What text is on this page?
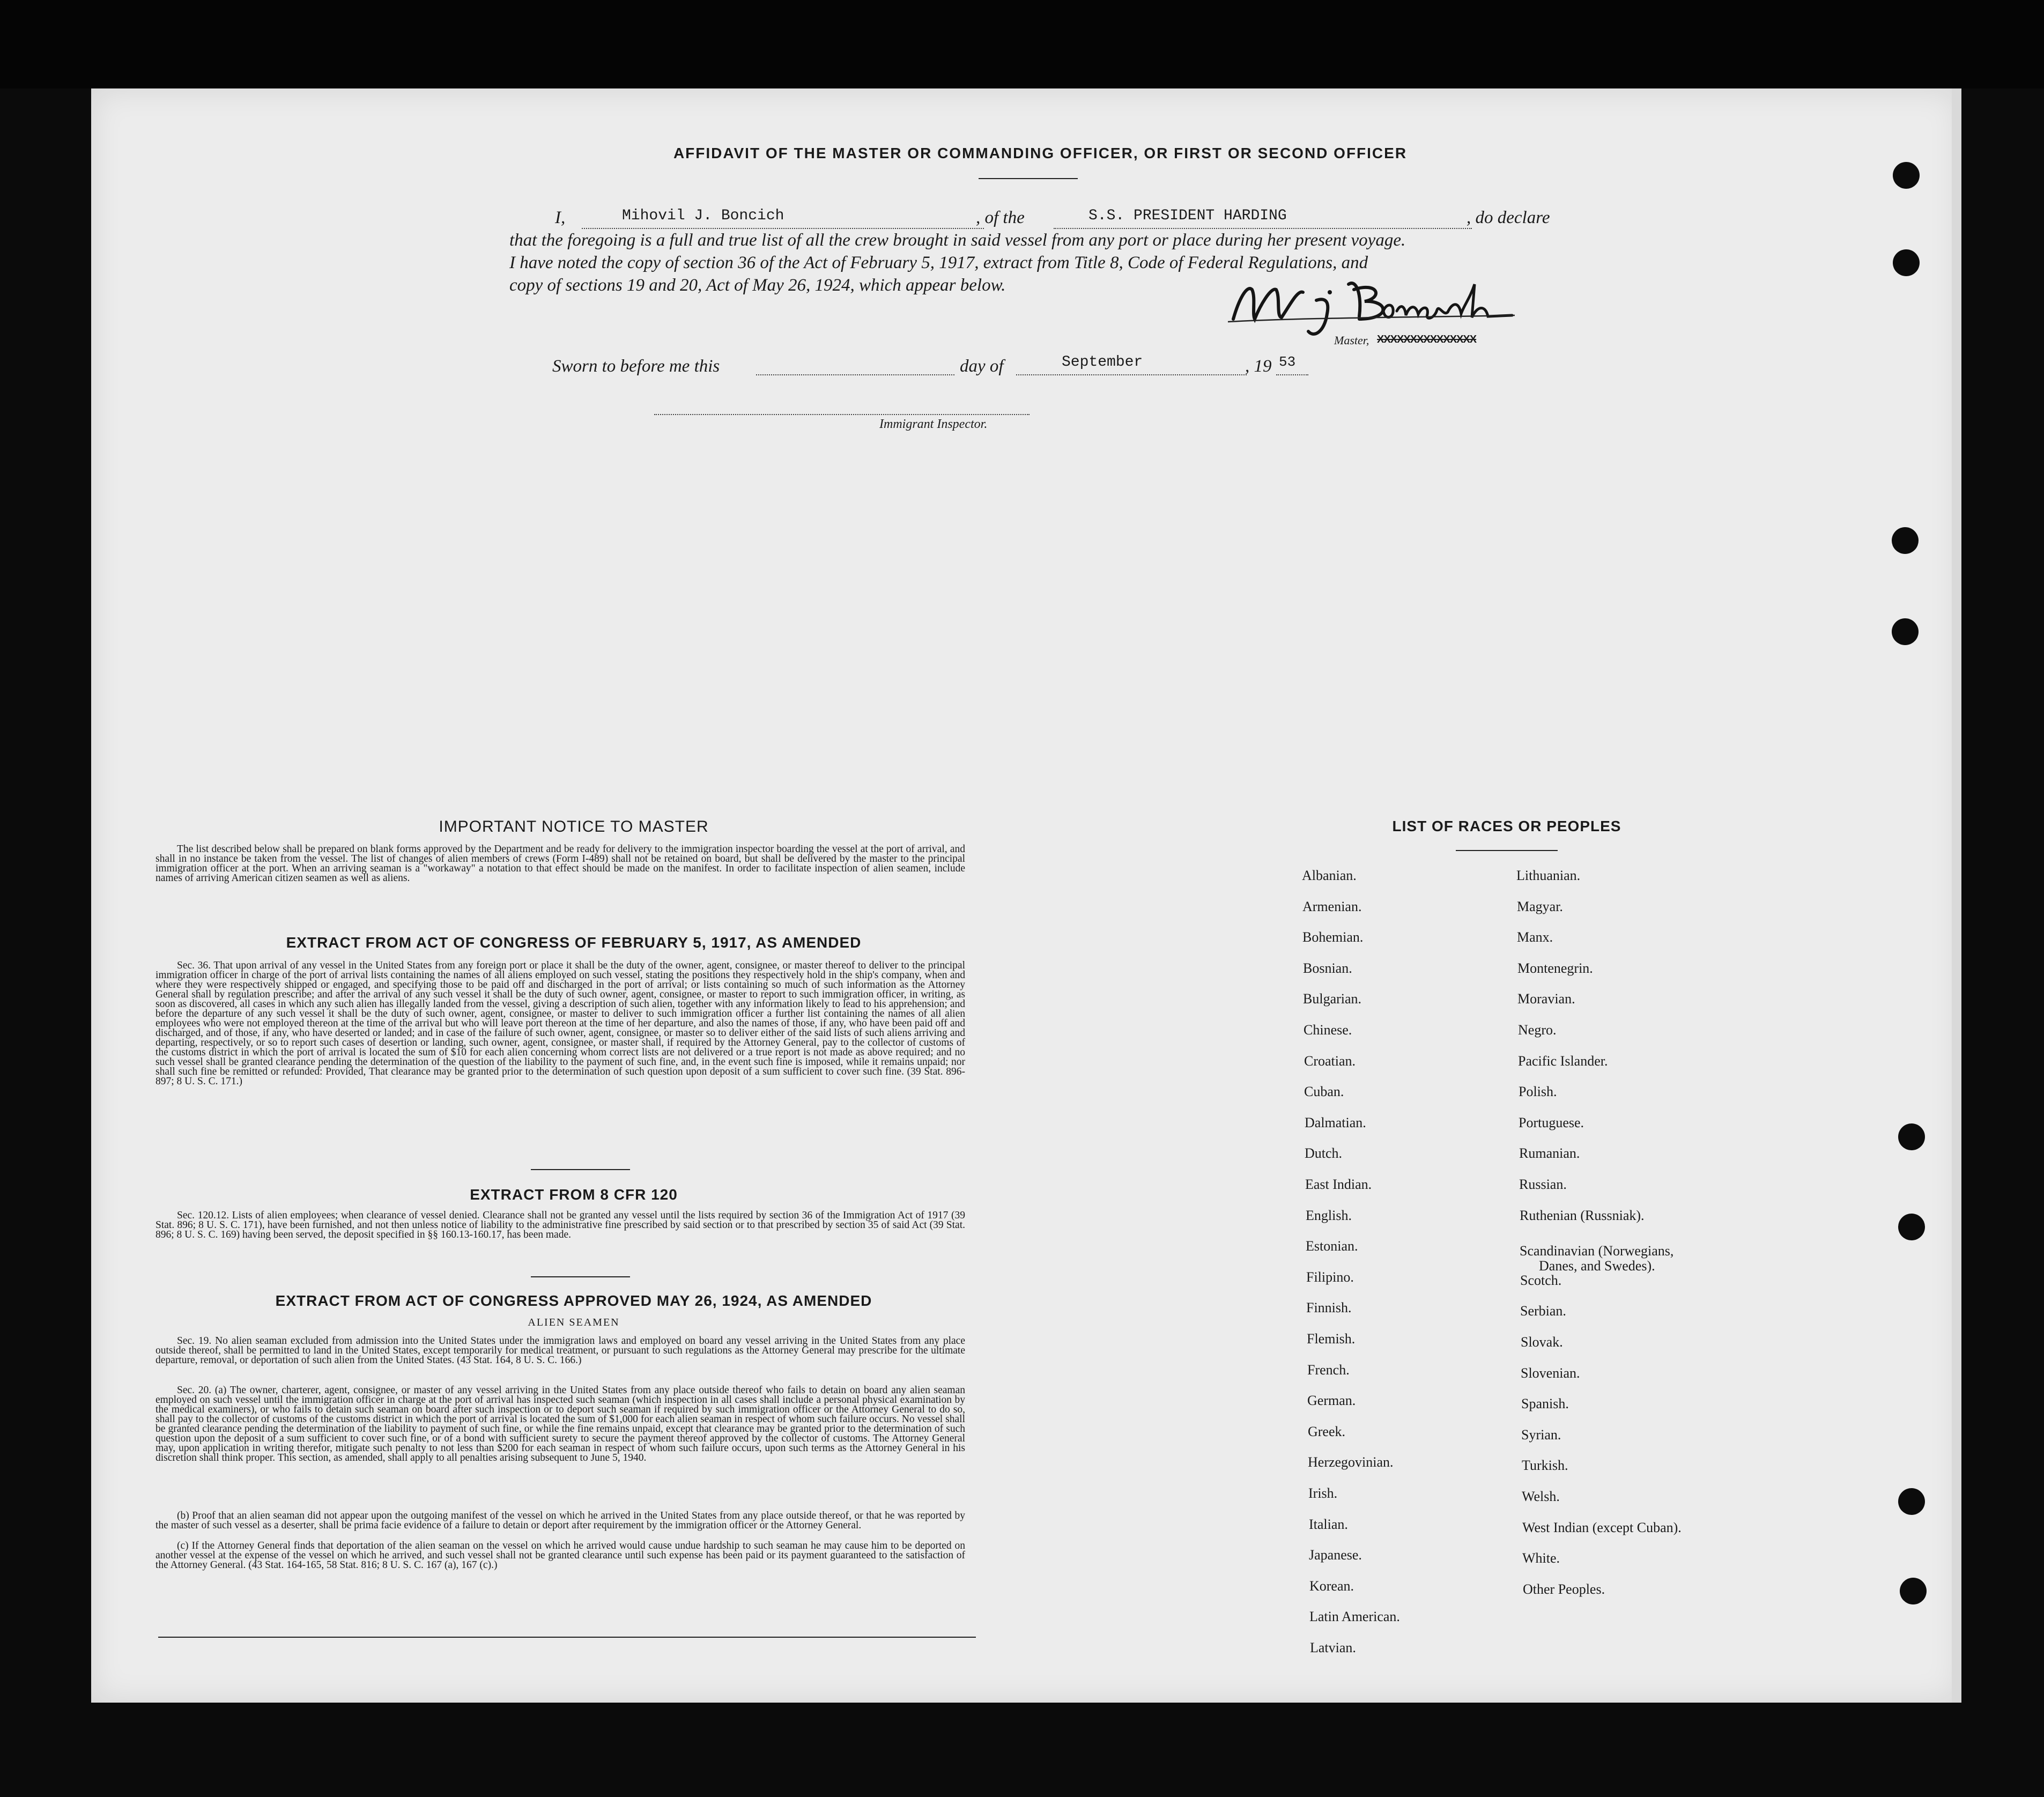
AFFIDAVIT OF THE MASTER OR COMMANDING OFFICER, OR FIRST OR SECOND OFFICER
I,	Mihovil J. Boncich	, of the	S.S. PRESIDENT HARDING	, do declare
that the foregoing is a full and true list of all the crew brought in said vessel from any port or place during her present voyage.
I have noted the copy of section 36 of the Act of February 5, 1917, extract from Title 8, Code of Federal Regulations, and
copy of sections 19 and 20, Act of May 26, 1924, which appear below.
Master, XXXXXXXXXXXXXXX
Sworn to before me this	day of	September	, 19 53
Immigrant Inspector.
IMPORTANT NOTICE TO MASTER
The list described below shall be prepared on blank forms approved by the Department and be ready for delivery to the immigration inspector boarding the vessel at the port of arrival, and shall in no instance be taken from the vessel. The list of changes of alien members of crews (Form I-489) shall not be retained on board, but shall be delivered by the master to the principal immigration officer at the port. When an arriving seaman is a "workaway" a notation to that effect should be made on the manifest. In order to facilitate inspection of alien seamen, include names of arriving American citizen seamen as well as aliens.
EXTRACT FROM ACT OF CONGRESS OF FEBRUARY 5, 1917, AS AMENDED
Sec. 36. That upon arrival of any vessel in the United States from any foreign port or place it shall be the duty of the owner, agent, consignee, or master thereof to deliver to the principal immigration officer in charge of the port of arrival lists containing the names of all aliens employed on such vessel, stating the positions they respectively hold in the ship's company, when and where they were respectively shipped or engaged, and specifying those to be paid off and discharged in the port of arrival; or lists containing so much of such information as the Attorney General shall by regulation prescribe; and after the arrival of any such vessel it shall be the duty of such owner, agent, consignee, or master to report to such immigration officer, in writing, as soon as discovered, all cases in which any such alien has illegally landed from the vessel, giving a description of such alien, together with any information likely to lead to his apprehension; and before the departure of any such vessel it shall be the duty of such owner, agent, consignee, or master to deliver to such immigration officer a further list containing the names of all alien employees who were not employed thereon at the time of the arrival but who will leave port thereon at the time of her departure, and also the names of those, if any, who have been paid off and discharged, and of those, if any, who have deserted or landed; and in case of the failure of such owner, agent, consignee, or master so to deliver either of the said lists of such aliens arriving and departing, respectively, or so to report such cases of desertion or landing, such owner, agent, consignee, or master shall, if required by the Attorney General, pay to the collector of customs of the customs district in which the port of arrival is located the sum of $10 for each alien concerning whom correct lists are not delivered or a true report is not made as above required; and no such vessel shall be granted clearance pending the determination of the question of the liability to the payment of such fine, and, in the event such fine is imposed, while it remains unpaid; nor shall such fine be remitted or refunded: Provided, That clearance may be granted prior to the determination of such question upon deposit of a sum sufficient to cover such fine. (39 Stat. 896-897; 8 U. S. C. 171.)
EXTRACT FROM 8 CFR 120
Sec. 120.12. Lists of alien employees; when clearance of vessel denied. Clearance shall not be granted any vessel until the lists required by section 36 of the Immigration Act of 1917 (39 Stat. 896; 8 U. S. C. 171), have been furnished, and not then unless notice of liability to the administrative fine prescribed by said section or to that prescribed by section 35 of said Act (39 Stat. 896; 8 U. S. C. 169) having been served, the deposit specified in §§ 160.13-160.17, has been made.
EXTRACT FROM ACT OF CONGRESS APPROVED MAY 26, 1924, AS AMENDED
ALIEN SEAMEN
Sec. 19. No alien seaman excluded from admission into the United States under the immigration laws and employed on board any vessel arriving in the United States from any place outside thereof, shall be permitted to land in the United States, except temporarily for medical treatment, or pursuant to such regulations as the Attorney General may prescribe for the ultimate departure, removal, or deportation of such alien from the United States. (43 Stat. 164, 8 U. S. C. 166.)
Sec. 20. (a) The owner, charterer, agent, consignee, or master of any vessel arriving in the United States from any place outside thereof who fails to detain on board any alien seaman employed on such vessel until the immigration officer in charge at the port of arrival has inspected such seaman (which inspection in all cases shall include a personal physical examination by the medical examiners), or who fails to detain such seaman on board after such inspection or to deport such seaman if required by such immigration officer or the Attorney General to do so, shall pay to the collector of customs of the customs district in which the port of arrival is located the sum of $1,000 for each alien seaman in respect of whom such failure occurs. No vessel shall be granted clearance pending the determination of the liability to payment of such fine, or while the fine remains unpaid, except that clearance may be granted prior to the determination of such question upon the deposit of a sum sufficient to cover such fine, or of a bond with sufficient surety to secure the payment thereof approved by the collector of customs. The Attorney General may, upon application in writing therefor, mitigate such penalty to not less than $200 for each seaman in respect of whom such failure occurs, upon such terms as the Attorney General in his discretion shall think proper. This section, as amended, shall apply to all penalties arising subsequent to June 5, 1940.
(b) Proof that an alien seaman did not appear upon the outgoing manifest of the vessel on which he arrived in the United States from any place outside thereof, or that he was reported by the master of such vessel as a deserter, shall be prima facie evidence of a failure to detain or deport after requirement by the immigration officer or the Attorney General.
(c) If the Attorney General finds that deportation of the alien seaman on the vessel on which he arrived would cause undue hardship to such seaman he may cause him to be deported on another vessel at the expense of the vessel on which he arrived, and such vessel shall not be granted clearance until such expense has been paid or its payment guaranteed to the satisfaction of the Attorney General. (43 Stat. 164-165, 58 Stat. 816; 8 U. S. C. 167 (a), 167 (c).)
LIST OF RACES OR PEOPLES
Albanian.
Armenian.
Bohemian.
Bosnian.
Bulgarian.
Chinese.
Croatian.
Cuban.
Dalmatian.
Dutch.
East Indian.
English.
Estonian.
Filipino.
Finnish.
Flemish.
French.
German.
Greek.
Herzegovinian.
Irish.
Italian.
Japanese.
Korean.
Latin American.
Latvian.
Lithuanian.
Magyar.
Manx.
Montenegrin.
Moravian.
Negro.
Pacific Islander.
Polish.
Portuguese.
Rumanian.
Russian.
Ruthenian (Russniak).
Scandinavian (Norwegians,
Danes, and Swedes).
Scotch.
Serbian.
Slovak.
Slovenian.
Spanish.
Syrian.
Turkish.
Welsh.
West Indian (except Cuban).
White.
Other Peoples.
